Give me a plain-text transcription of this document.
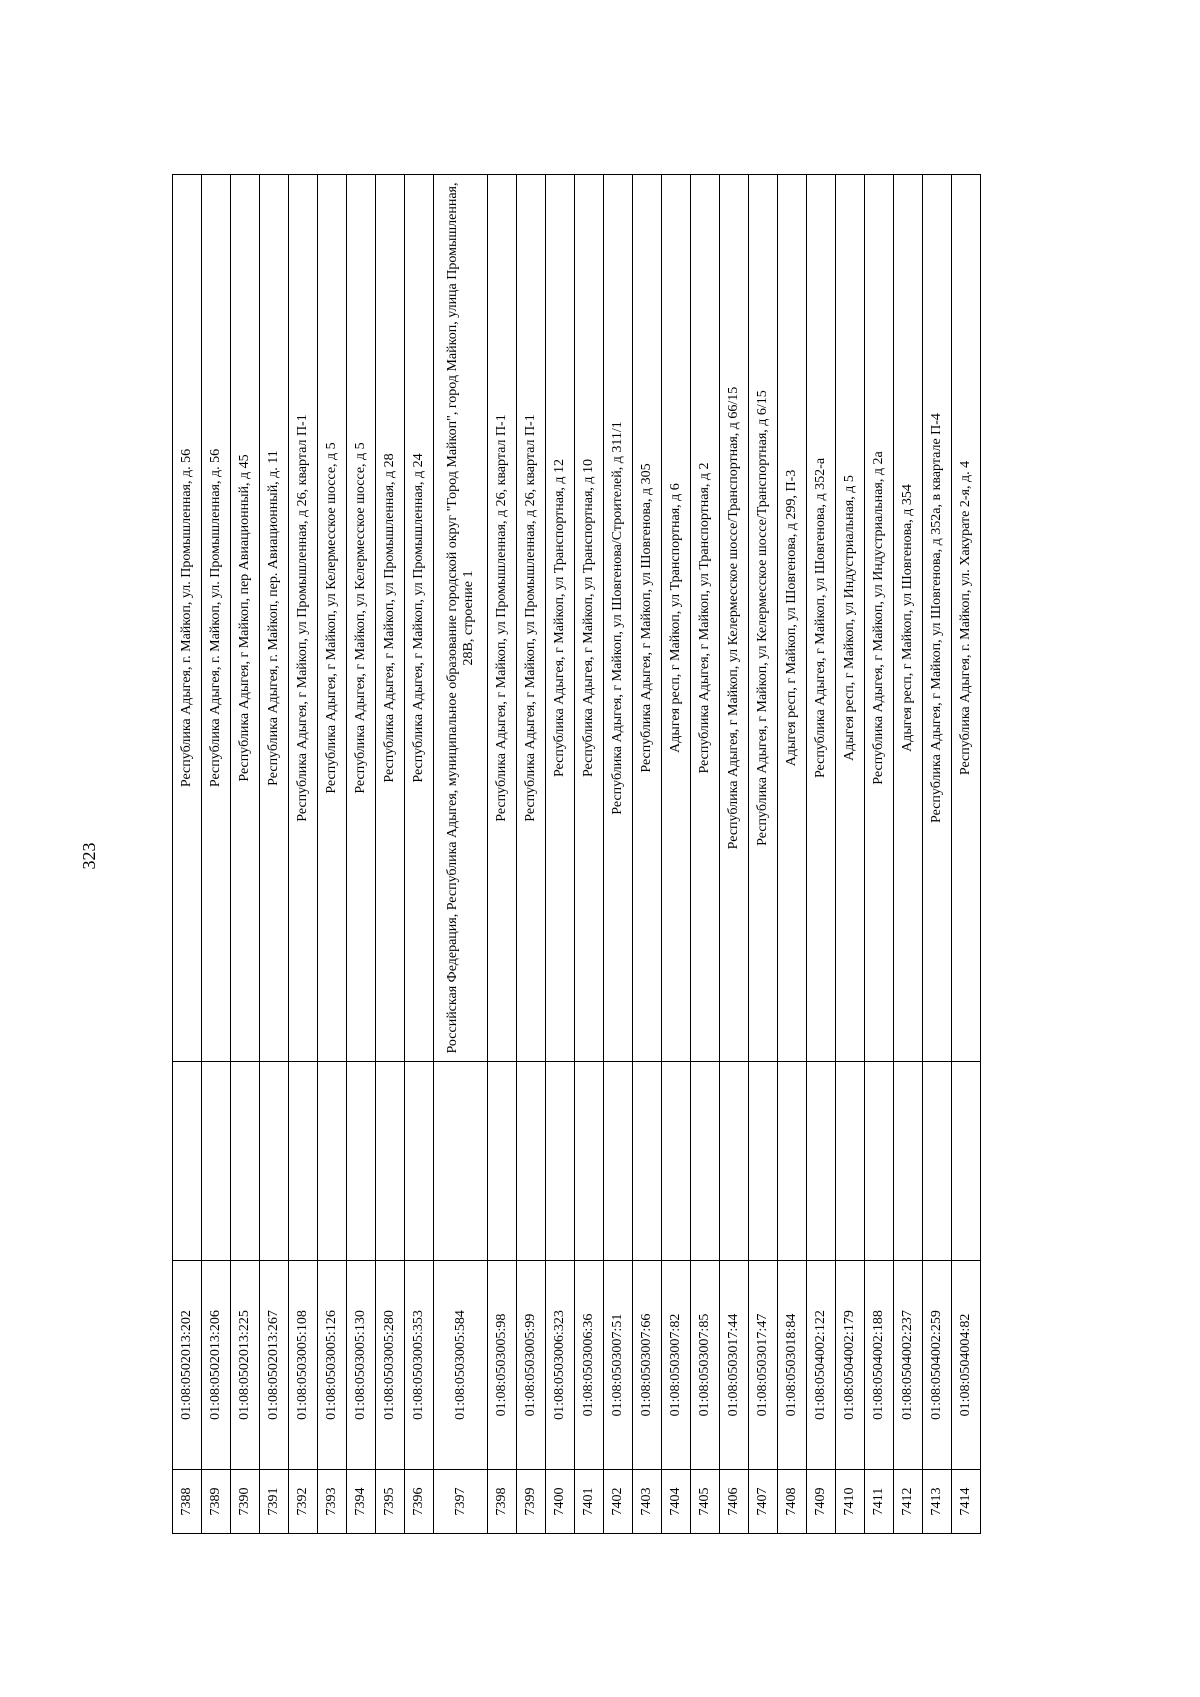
323
7388	01:08:0502013:202		Республика Адыгея, г. Майкоп, ул. Промышленная, д. 56
7389	01:08:0502013:206		Республика Адыгея, г. Майкоп, ул. Промышленная, д. 56
7390	01:08:0502013:225		Республика Адыгея, г Майкоп, пер Авиационный, д 45
7391	01:08:0502013:267		Республика Адыгея, г. Майкоп, пер. Авиационный, д. 11
7392	01:08:0503005:108		Республика Адыгея, г Майкоп, ул Промышленная, д 26, квартал П-1
7393	01:08:0503005:126		Республика Адыгея, г Майкоп, ул Келермесское шоссе, д 5
7394	01:08:0503005:130		Республика Адыгея, г Майкоп, ул Келермесское шоссе, д 5
7395	01:08:0503005:280		Республика Адыгея, г Майкоп, ул Промышленная, д 28
7396	01:08:0503005:353		Республика Адыгея, г Майкоп, ул Промышленная, д 24
7397	01:08:0503005:584		Российская Федерация, Республика Адыгея, муниципальное образование городской округ "Город Майкоп", город Майкоп, улица Промышленная, 28В, строение 1
7398	01:08:0503005:98		Республика Адыгея, г Майкоп, ул Промышленная, д 26, квартал П-1
7399	01:08:0503005:99		Республика Адыгея, г Майкоп, ул Промышленная, д 26, квартал П-1
7400	01:08:0503006:323		Республика Адыгея, г Майкоп, ул Транспортная, д 12
7401	01:08:0503006:36		Республика Адыгея, г Майкоп, ул Транспортная, д 10
7402	01:08:0503007:51		Республика Адыгея, г Майкоп, ул Шовгенова/Строителей, д 311/1
7403	01:08:0503007:66		Республика Адыгея, г Майкоп, ул Шовгенова, д 305
7404	01:08:0503007:82		Адыгея респ, г Майкоп, ул Транспортная, д 6
7405	01:08:0503007:85		Республика Адыгея, г Майкоп, ул Транспортная, д 2
7406	01:08:0503017:44		Республика Адыгея, г Майкоп, ул Келермесское шоссе/Транспортная, д 66/15
7407	01:08:0503017:47		Республика Адыгея, г Майкоп, ул Келермесское шоссе/Транспортная, д 6/15
7408	01:08:0503018:84		Адыгея респ, г Майкоп, ул Шовгенова, д 299, П-3
7409	01:08:0504002:122		Республика Адыгея, г Майкоп, ул Шовгенова, д 352-а
7410	01:08:0504002:179		Адыгея респ, г Майкоп, ул Индустриальная, д 5
7411	01:08:0504002:188		Республика Адыгея, г Майкоп, ул Индустриальная, д 2а
7412	01:08:0504002:237		Адыгея респ, г Майкоп, ул Шовгенова, д 354
7413	01:08:0504002:259		Республика Адыгея, г Майкоп, ул Шовгенова, д 352а, в квартале П-4
7414	01:08:0504004:82		Республика Адыгея, г. Майкоп, ул. Хакурате 2-я, д. 4
